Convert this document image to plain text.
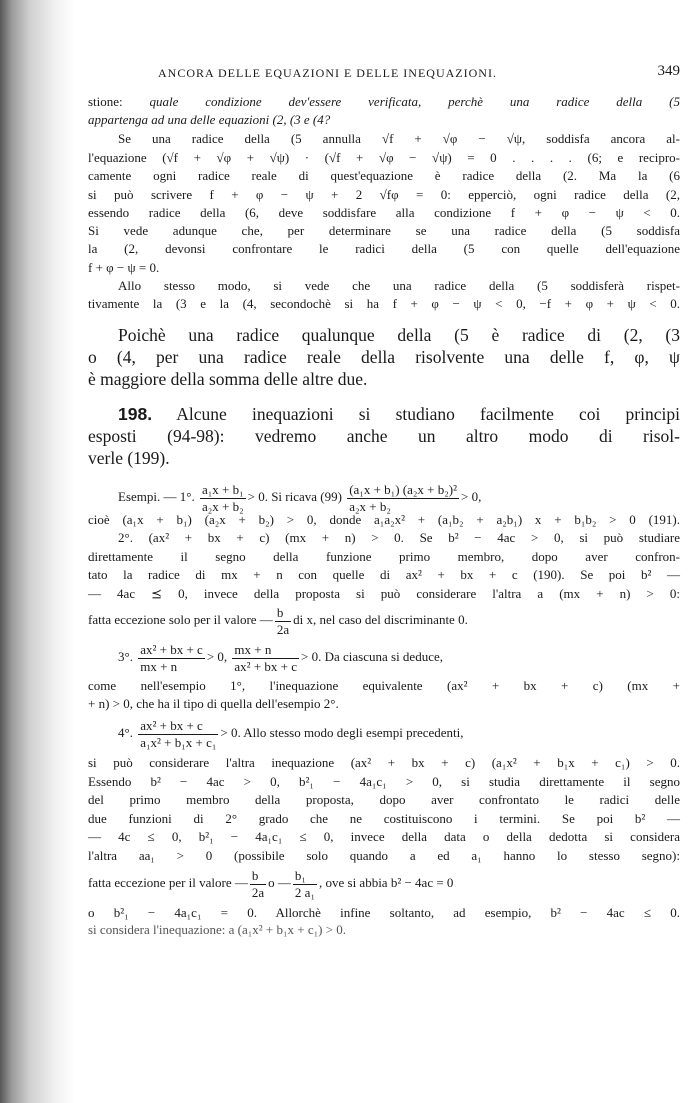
ANCORA DELLE EQUAZIONI E DELLE INEQUAZIONI.	349
stione: quale condizione dev'essere verificata, perchè una radice della (5
appartenga ad una delle equazioni (2, (3 e (4?
Se una radice della (5 annulla √f + √φ − √ψ, soddisfa ancora al-
l'equazione (√f + √φ + √ψ) · (√f + √φ − √ψ) = 0 . . . . (6; e recipro-
camente ogni radice reale di quest'equazione è radice della (2. Ma la (6
si può scrivere f + φ − ψ + 2 √fφ = 0: epperciò, ogni radice della (2,
essendo radice della (6, deve soddisfare alla condizione f + φ − ψ < 0.
Si vede adunque che, per determinare se una radice della (5 soddisfa
la (2, devonsi confrontare le radici della (5 con quelle dell'equazione
f + φ − ψ = 0.
Allo stesso modo, si vede che una radice della (5 soddisferà rispet-
tivamente la (3 e la (4, secondochè si ha f + φ − ψ < 0, −f + φ + ψ < 0.
Poichè una radice qualunque della (5 è radice di (2, (3
o (4, per una radice reale della risolvente una delle f, φ, ψ
è maggiore della somma delle altre due.
198. Alcune inequazioni si studiano facilmente coi principi
esposti (94-98): vedremo anche un altro modo di risol-
verle (199).
Esempi. — 1°. $\frac{\text{a₁x + b₁}}{\text{a₂x + b₂}} > 0$. Si ricava $(99) \frac{\text{(a₁x + b₁) (a₂x + b₂)²}}{\text{a₂x + b₂}} > 0$,
cioè (a₁x + b₁) (a₂x + b₂) > 0, donde a₁a₂x² + (a₁b₂ + a₂b₁) x + b₁b₂ > 0 (191).
2°. (ax² + bx + c) (mx + n) > 0. Se b² − 4ac > 0, si può studiare
direttamente il segno della funzione primo membro, dopo aver confron-
tato la radice di mx + n con quelle di ax² + bx + c (190). Se poi b² —
— 4ac ⪯ 0, invece della proposta si può considerare l'altra a (mx + n) > 0:
fatta eccezione solo per il valore — $\frac{b}{2a}$ di x, nel caso del discriminante 0.
3°. $\frac{\text{ax² + bx + c}}{mx + n} > 0$, $\frac{mx + n}{\text{ax² + bx + c}} > 0$. Da ciascuna si deduce,
come nell'esempio 1°, l'inequazione equivalente (ax² + bx + c) (mx +
+ n) > 0, che ha il tipo di quella dell'esempio 2°.
4°. $\frac{\text{ax² + bx + c}}{\text{a₁x² + b₁x + c₁}} > 0$. Allo stesso modo degli esempi precedenti,
si può considerare l'altra inequazione (ax² + bx + c) (a₁x² + b₁x + c₁) > 0.
Essendo b² − 4ac > 0, b²₁ − 4a₁c₁ > 0, si studia direttamente il segno
del primo membro della proposta, dopo aver confrontato le radici delle
due funzioni di 2° grado che ne costituiscono i termini. Se poi b² —
— 4c ≤ 0, b²₁ − 4a₁c₁ ≤ 0, invece della data o della dedotta si considera
l'altra aa₁ > 0 (possibile solo quando a ed a₁ hanno lo stesso segno):
fatta eccezione per il valore — $\frac{b}{2a}$ o — $\frac{\text{b₁}}{\text{2 a₁}}$ , ove si abbia b² − 4ac = 0
o b²₁ − 4a₁c₁ = 0. Allorchè infine soltanto, ad esempio, b² − 4ac ≤ 0.
si considera l'inequazione: a (a₁x² + b₁x + c₁) > 0.
